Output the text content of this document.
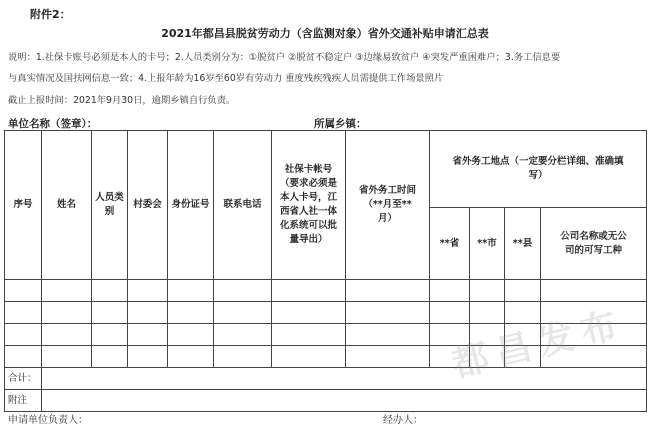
附件2：
2021年都昌县脱贫劳动力（含监测对象）省外交通补贴申请汇总表
说明：1.社保卡账号必须是本人的卡号；2.人员类别分为：①脱贫户 ②脱贫不稳定户 ③边缘易致贫户 ④突发严重困难户；3.务工信息要
与真实情况及国扶网信息一致；4.上报年龄为16岁至60岁有劳动力 重度残疾残疾人员需提供工作场景照片
截止上报时间：2021年9月30日，逾期乡镇自行负责。
单位名称（签章）：	所属乡镇：
序号	姓名	人员类别	村委会	身份证号	联系电话	社保卡帐号（要求必须是本人卡号，江西省人社一体化系统可以批量导出）	省外务工时间（**月至**月）	省外务工地点（一定要分栏详细、准确填写）			
								**省	**市	**县	公司名称或无公司的可写工种

合计：											
附注											
都昌发布
申请单位负责人：	经办人：
